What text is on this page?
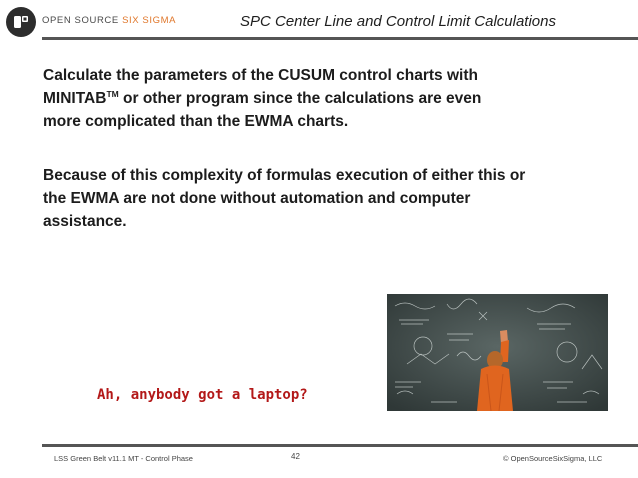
OPEN SOURCE SIX SIGMA	SPC Center Line and Control Limit Calculations
Calculate the parameters of the CUSUM control charts with
MINITAB™ or other program since the calculations are even
more complicated than the EWMA charts.
Because of this complexity of formulas execution of either this or
the EWMA are not done without automation and computer
assistance.
Ah, anybody got a laptop?
LSS Green Belt v11.1 MT - Control Phase	42	© OpenSourceSixSigma, LLC
